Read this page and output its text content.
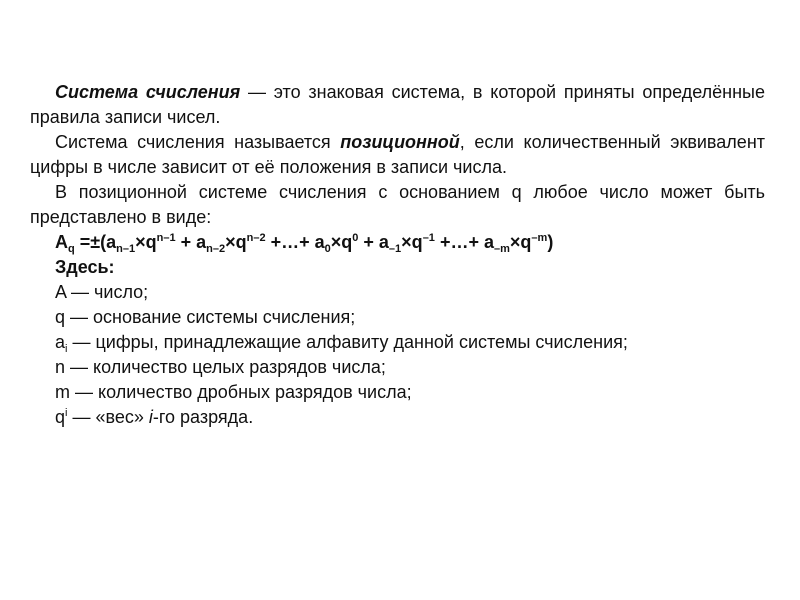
Система счисления — это знаковая система, в которой приняты определённые правила записи чисел.

Система счисления называется позиционной, если количественный эквивалент цифры в числе зависит от её положения в записи числа.

В позиционной системе счисления с основанием q любое число может быть представлено в виде:

$A_q =\pm(a_{n-1}\times q^{n-1} + a_{n-2}\times q^{n-2}$ +…+ $a_0\times q^0 + a_{-1}\times q^{-1}$ +…+ $a_{-m}\times q^{-m}$)

Здесь:

A — число;

q — основание системы счисления;

$a_i$ — цифры, принадлежащие алфавиту данной системы счисления;

n — количество целых разрядов числа;

m — количество дробных разрядов числа;

$q^i$ — «вес» i-го разряда.
